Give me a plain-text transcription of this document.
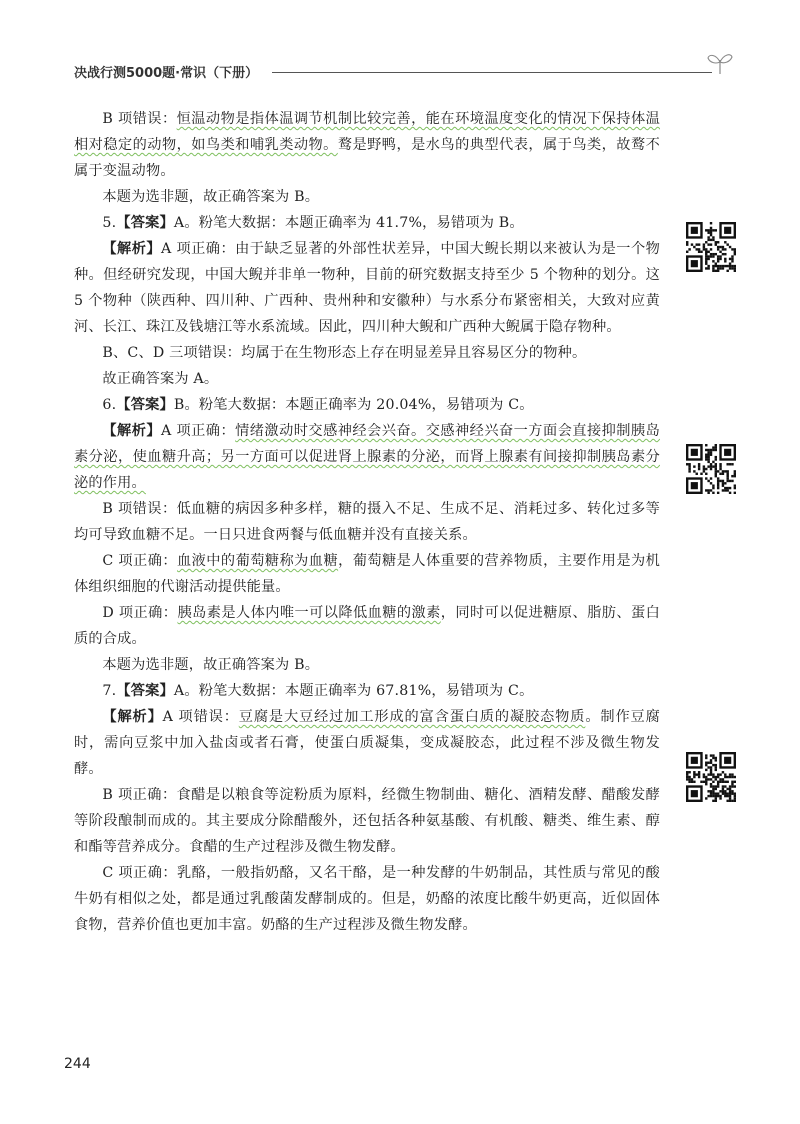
决战行测5000题·常识（下册）

B 项错误：恒温动物是指体温调节机制比较完善，能在环境温度变化的情况下保持体温相对稳定的动物，如鸟类和哺乳类动物。鹜是野鸭，是水鸟的典型代表，属于鸟类，故鹜不属于变温动物。

本题为选非题，故正确答案为 B。

5.【答案】A。粉笔大数据：本题正确率为 41.7%，易错项为 B。

【解析】A 项正确：由于缺乏显著的外部性状差异，中国大鲵长期以来被认为是一个物种。但经研究发现，中国大鲵并非单一物种，目前的研究数据支持至少 5 个物种的划分。这 5 个物种（陕西种、四川种、广西种、贵州种和安徽种）与水系分布紧密相关，大致对应黄河、长江、珠江及钱塘江等水系流域。因此，四川种大鲵和广西种大鲵属于隐存物种。

B、C、D 三项错误：均属于在生物形态上存在明显差异且容易区分的物种。

故正确答案为 A。

6.【答案】B。粉笔大数据：本题正确率为 20.04%，易错项为 C。

【解析】A 项正确：情绪激动时交感神经会兴奋。交感神经兴奋一方面会直接抑制胰岛素分泌，使血糖升高；另一方面可以促进肾上腺素的分泌，而肾上腺素有间接抑制胰岛素分泌的作用。

B 项错误：低血糖的病因多种多样，糖的摄入不足、生成不足、消耗过多、转化过多等均可导致血糖不足。一日只进食两餐与低血糖并没有直接关系。

C 项正确：血液中的葡萄糖称为血糖，葡萄糖是人体重要的营养物质，主要作用是为机体组织细胞的代谢活动提供能量。

D 项正确：胰岛素是人体内唯一可以降低血糖的激素，同时可以促进糖原、脂肪、蛋白质的合成。

本题为选非题，故正确答案为 B。

7.【答案】A。粉笔大数据：本题正确率为 67.81%，易错项为 C。

【解析】A 项错误：豆腐是大豆经过加工形成的富含蛋白质的凝胶态物质。制作豆腐时，需向豆浆中加入盐卤或者石膏，使蛋白质凝集，变成凝胶态，此过程不涉及微生物发酵。

B 项正确：食醋是以粮食等淀粉质为原料，经微生物制曲、糖化、酒精发酵、醋酸发酵等阶段酿制而成的。其主要成分除醋酸外，还包括各种氨基酸、有机酸、糖类、维生素、醇和酯等营养成分。食醋的生产过程涉及微生物发酵。

C 项正确：乳酪，一般指奶酪，又名干酪，是一种发酵的牛奶制品，其性质与常见的酸牛奶有相似之处，都是通过乳酸菌发酵制成的。但是，奶酪的浓度比酸牛奶更高，近似固体食物，营养价值也更加丰富。奶酪的生产过程涉及微生物发酵。

244
